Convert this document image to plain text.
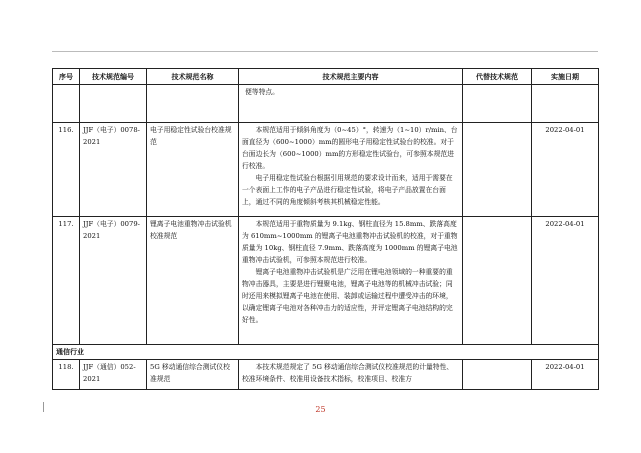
序号	技术规范编号	技术规范名称	技术规范主要内容	代替技术规范	实施日期
			便等特点。		
116.	JJF（电子）0078-2021	电子用稳定性试验台校准规范	本规范适用于倾斜角度为（0~45）°，转速为（1~10）r/min、台面直径为（600~1000）mm的圆形电子用稳定性试验台的校准。对于台面边长为（600~1000）mm的方形稳定性试验台，可参照本规范进行校准。
电子用稳定性试验台根据引用规范的要求设计而来，适用于需要在一个表面上工作的电子产品进行稳定性试验，将电子产品放置在台面上，通过不同的角度倾斜考核其机械稳定性能。		2022-04-01
117.	JJF（电子）0079-2021	锂离子电池重物冲击试验机校准规范	本规范适用于重物质量为 9.1kg、钢柱直径为 15.8mm、跌落高度为 610mm~1000mm 的锂离子电池重物冲击试验机的校准，对于重物质量为 10kg、钢柱直径 7.9mm、跌落高度为 1000mm 的锂离子电池重物冲击试验机，可参照本规范进行校准。
锂离子电池重物冲击试验机是广泛用在锂电池领域的一种重要的重物冲击器具，主要是进行锂聚电池，锂离子电池等的机械冲击试验；同时还用来模拟锂离子电池在使用、装卸或运输过程中遭受冲击的环境，以确定锂离子电池对各种冲击力的适应性，并评定锂离子电池结构的完好性。		2022-04-01
通信行业					
118.	JJF（通信）052-2021	5G 移动通信综合测试仪校准规范	本技术规范规定了 5G 移动通信综合测试仪校准规范的计量特性、校准环境条件、校准用设备技术指标，校准项目、校准方		2022-04-01
25
